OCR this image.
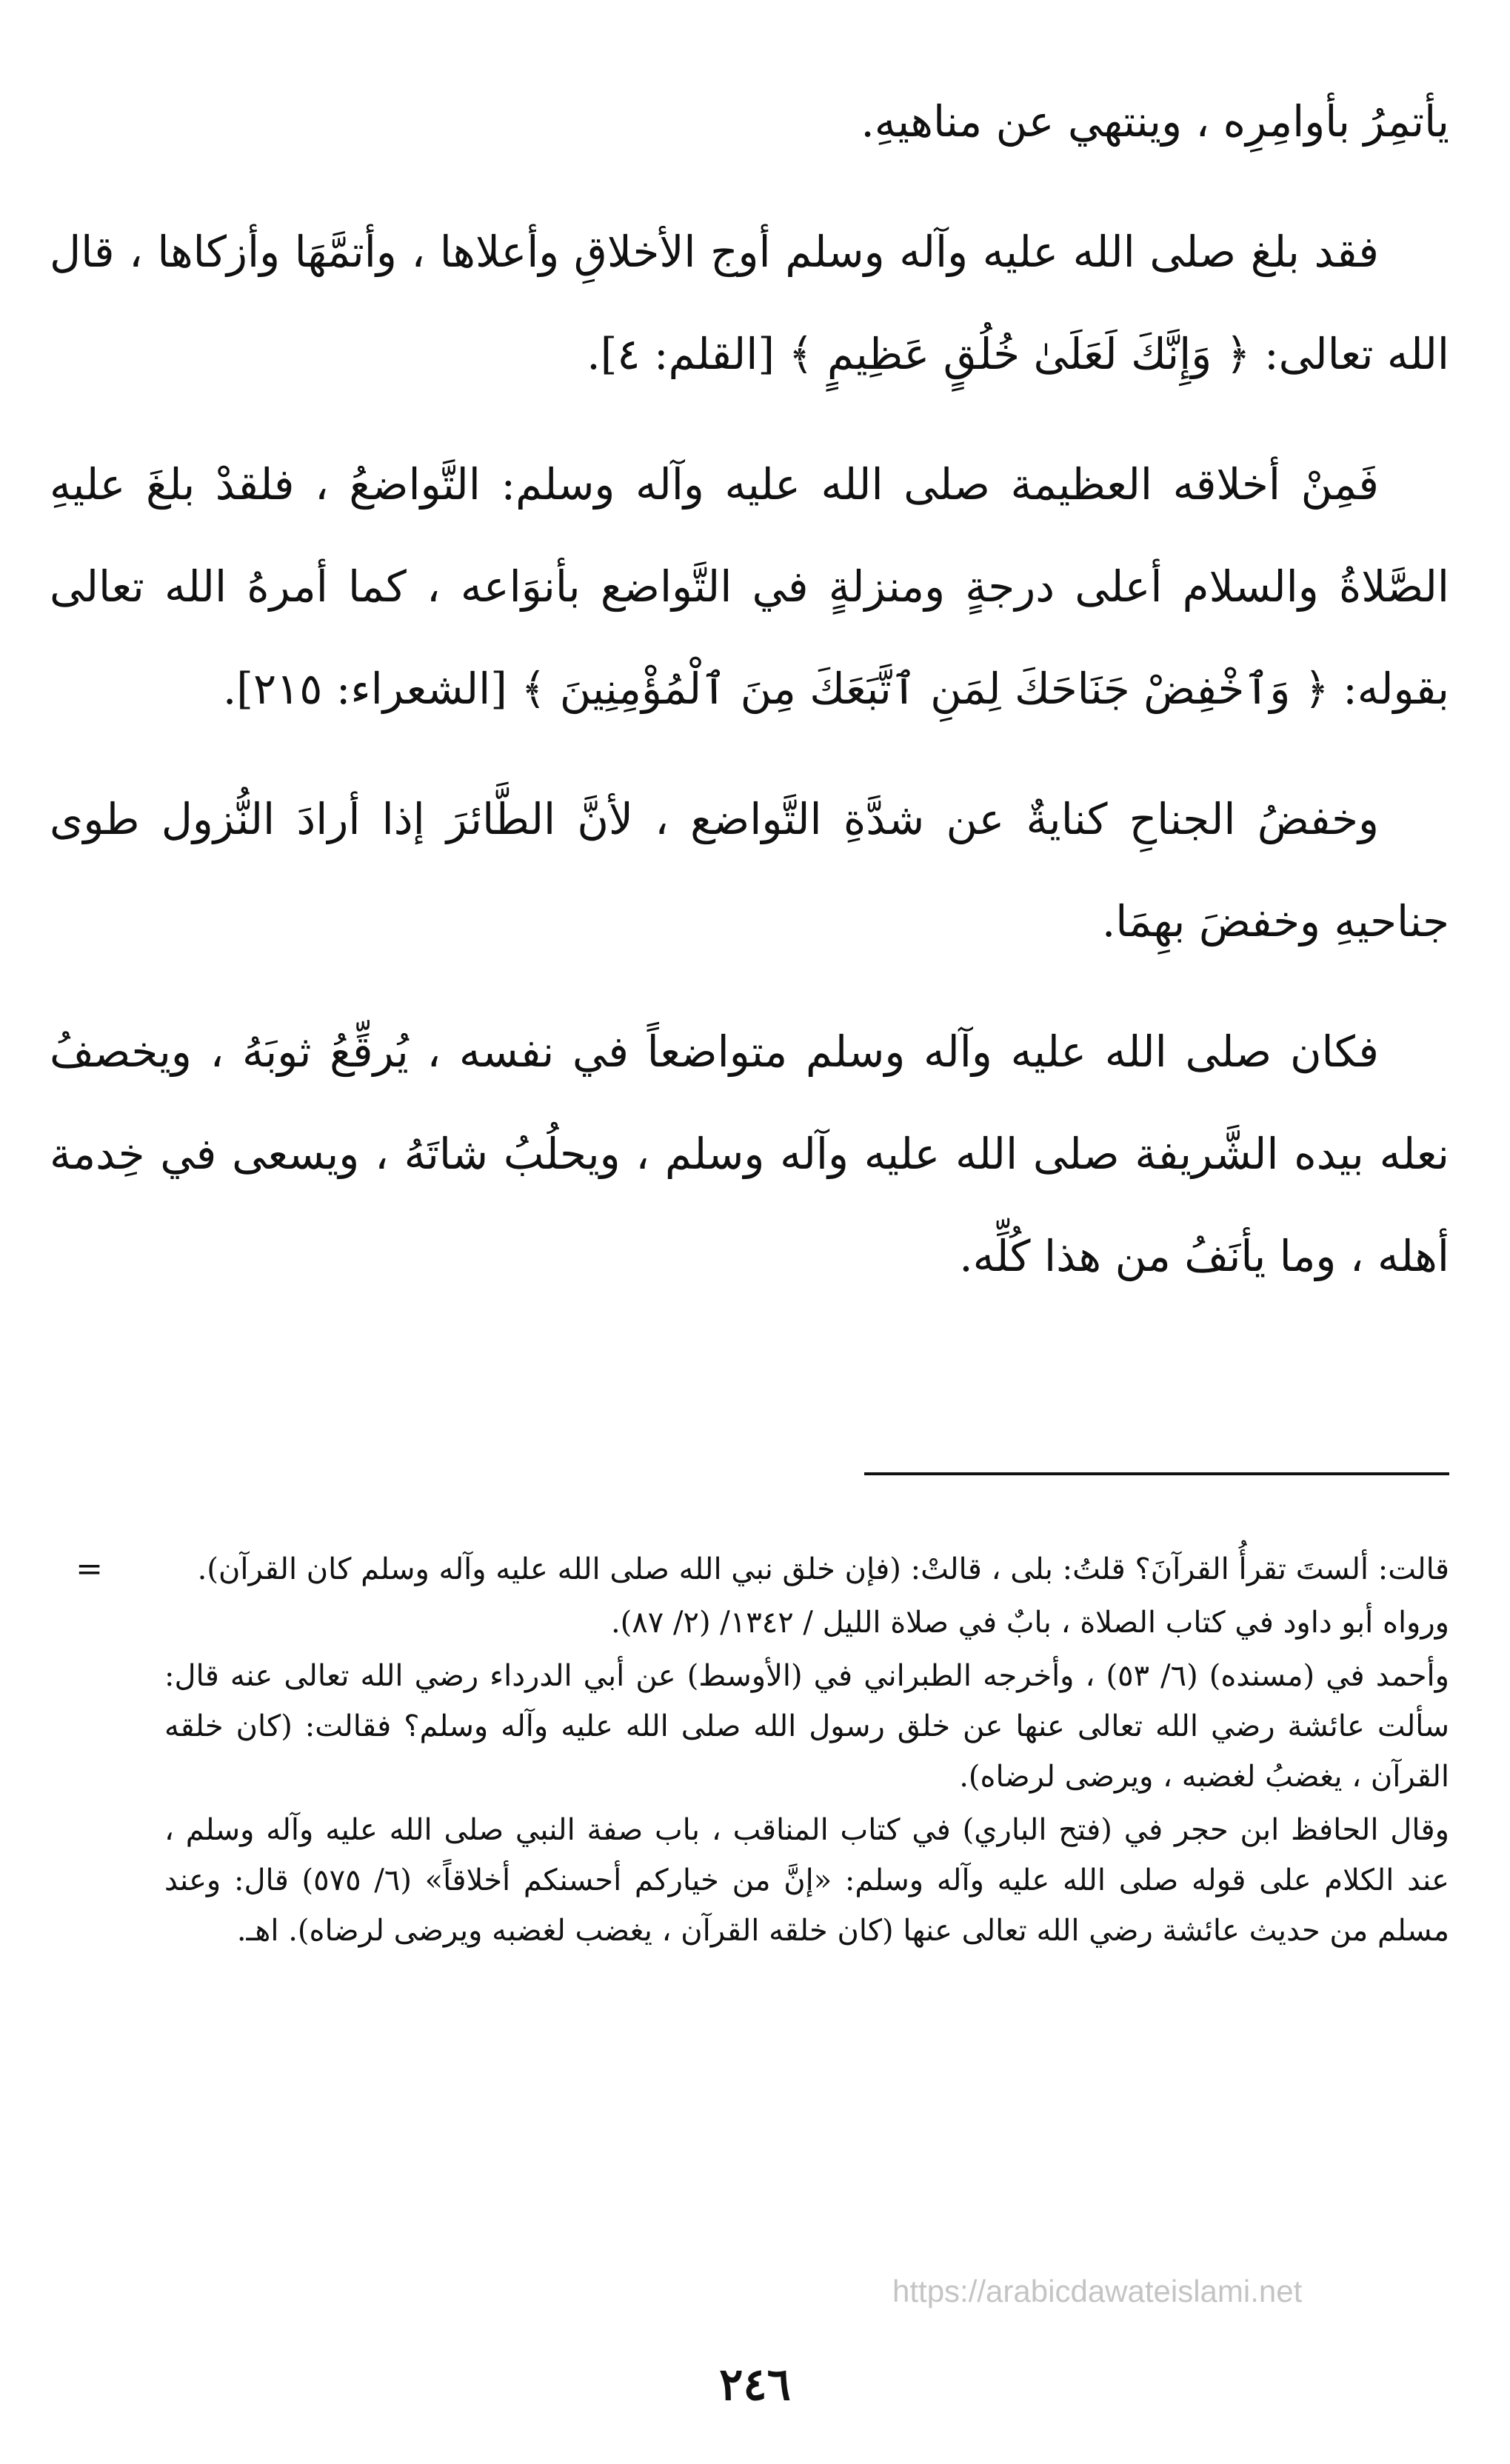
يأتمِرُ بأوامِرِه ، وينتهي عن مناهيهِ.

فقد بلغ صلى الله عليه وآله وسلم أوج الأخلاقِ وأعلاها ، وأتمَّهَا وأزكاها ، قال الله تعالى: ﴿ وَإِنَّكَ لَعَلَىٰ خُلُقٍ عَظِيمٍ ﴾ [القلم: ٤].

فَمِنْ أخلاقه العظيمة صلى الله عليه وآله وسلم: التَّواضعُ ، فلقدْ بلغَ عليهِ الصَّلاةُ والسلام أعلى درجةٍ ومنزلةٍ في التَّواضع بأنوَاعه ، كما أمرهُ الله تعالى بقوله: ﴿ وَٱخْفِضْ جَنَاحَكَ لِمَنِ ٱتَّبَعَكَ مِنَ ٱلْمُؤْمِنِينَ ﴾ [الشعراء: ٢١٥].

وخفضُ الجناحِ كنايةٌ عن شدَّةِ التَّواضع ، لأنَّ الطَّائرَ إذا أرادَ النُّزول طوى جناحيهِ وخفضَ بهِمَا.

فكان صلى الله عليه وآله وسلم متواضعاً في نفسه ، يُرقِّعُ ثوبَهُ ، ويخصفُ نعله بيده الشَّريفة صلى الله عليه وآله وسلم ، ويحلُبُ شاتَهُ ، ويسعى في خِدمة أهله ، وما يأنَفُ من هذا كُلِّه.

=	قالت: ألستَ تقرأُ القرآنَ؟ قلتُ: بلى ، قالتْ: (فإن خلق نبي الله صلى الله عليه وآله وسلم كان القرآن).

ورواه أبو داود في كتاب الصلاة ، بابٌ في صلاة الليل / ١٣٤٢/ (٢/ ٨٧).

وأحمد في (مسنده) (٦/ ٥٣) ، وأخرجه الطبراني في (الأوسط) عن أبي الدرداء رضي الله تعالى عنه قال: سألت عائشة رضي الله تعالى عنها عن خلق رسول الله صلى الله عليه وآله وسلم؟ فقالت: (كان خلقه القرآن ، يغضبُ لغضبه ، ويرضى لرضاه).

وقال الحافظ ابن حجر في (فتح الباري) في كتاب المناقب ، باب صفة النبي صلى الله عليه وآله وسلم ، عند الكلام على قوله صلى الله عليه وآله وسلم: «إنَّ من خياركم أحسنكم أخلاقاً» (٦/ ٥٧٥) قال: وعند مسلم من حديث عائشة رضي الله تعالى عنها (كان خلقه القرآن ، يغضب لغضبه ويرضى لرضاه). اهـ.

https://arabicdawateislami.net
٢٤٦
